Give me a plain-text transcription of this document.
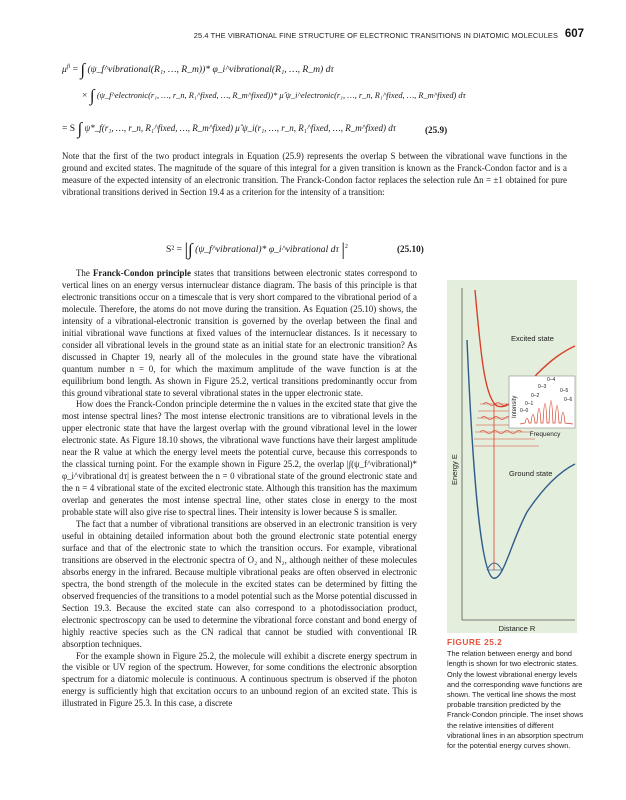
25.4 THE VIBRATIONAL FINE STRUCTURE OF ELECTRONIC TRANSITIONS IN DIATOMIC MOLECULES 607
$\mu^{fi}$ = ∫ (ψ_f^vibrational(R₁, …, R_m))* φ_i^vibrational(R₁, …, R_m) dτ
× ∫ (ψ_f^electronic(r₁, …, r_n, R₁^fixed, …, R_m^fixed))* μ̂ ψ_i^electronic(r₁, …, r_n, R₁^fixed, …, R_m^fixed) dτ
= S ∫ ψ*_f(r₁, …, r_n, R₁^fixed, …, R_m^fixed) μ̂ ψ_i(r₁, …, r_n, R₁^fixed, …, R_m^fixed) dτ	(25.9)

Note that the first of the two product integrals in Equation (25.9) represents the overlap S between the vibrational wave functions in the ground and excited states. The magnitude of the square of this integral for a given transition is known as the Franck-Condon factor and is a measure of the expected intensity of an electronic transition. The Franck-Condon factor replaces the selection rule Δn = ±1 obtained for pure vibrational transitions derived in Section 19.4 as a criterion for the intensity of a transition:

S² = |∫ (ψ_f^vibrational)* φ_i^vibrational dτ $|^2$	(25.10)

The Franck-Condon principle states that transitions between electronic states correspond to vertical lines on an energy versus internuclear distance diagram. The basis of this principle is that electronic transitions occur on a timescale that is very short compared to the vibrational period of a molecule. Therefore, the atoms do not move during the transition. As Equation (25.10) shows, the intensity of a vibrational-electronic transition is governed by the overlap between the final and initial vibrational wave functions at fixed values of the internuclear distances. Is it necessary to consider all vibrational levels in the ground state as an initial state for an electronic transition? As discussed in Chapter 19, nearly all of the molecules in the ground state have the vibrational quantum number n = 0, for which the maximum amplitude of the wave function is at the equilibrium bond length. As shown in Figure 25.2, vertical transitions predominantly occur from this ground vibrational state to several vibrational states in the upper electronic state.

How does the Franck-Condon principle determine the n values in the excited state that give the most intense spectral lines? The most intense electronic transitions are to vibrational levels in the upper electronic state that have the largest overlap with the ground vibrational level in the lower electronic state. As Figure 18.10 shows, the vibrational wave functions have their largest amplitude near the R value at which the energy level meets the potential curve, because this corresponds to the classical turning point. For the example shown in Figure 25.2, the overlap |∫(ψ_f^vibrational)* φ_i^vibrational dτ| is greatest between the n = 0 vibrational state of the ground electronic state and the n = 4 vibrational state of the excited electronic state. Although this transition has the maximum overlap and generates the most intense spectral line, other states close in energy to the most probable state will also give rise to spectral lines. Their intensity is lower because S is smaller.

The fact that a number of vibrational transitions are observed in an electronic transition is very useful in obtaining detailed information about both the ground electronic state potential energy surface and that of the electronic state to which the transition occurs. For example, vibrational transitions are observed in the electronic spectra of O₂ and N₂, although neither of these molecules absorbs energy in the infrared. Because multiple vibrational peaks are often observed in electronic spectra, the bond strength of the molecule in the excited states can be determined by fitting the observed frequencies of the transitions to a model potential such as the Morse potential discussed in Section 19.3. Because the excited state can also correspond to a photodissociation product, electronic spectroscopy can be used to determine the vibrational force constant and bond energy of highly reactive species such as the CN radical that cannot be studied with conventional IR absorption techniques.

For the example shown in Figure 25.2, the molecule will exhibit a discrete energy spectrum in the visible or UV region of the spectrum. However, for some conditions the electronic absorption spectrum for a diatomic molecule is continuous. A continuous spectrum is observed if the photon energy is sufficiently high that excitation occurs to an unbound region of an excited state. This is illustrated in Figure 25.3. In this case, a discrete

Energy E
Distance R
Excited state
Ground state
Intensity
Frequency
0–0
0–1
0–2
0–3
0–4
0–5
0–6
FIGURE 25.2
The relation between energy and bond length is shown for two electronic states. Only the lowest vibrational energy levels and the corresponding wave functions are shown. The vertical line shows the most probable transition predicted by the Franck-Condon principle. The inset shows the relative intensities of different vibrational lines in an absorption spectrum for the potential energy curves shown.
